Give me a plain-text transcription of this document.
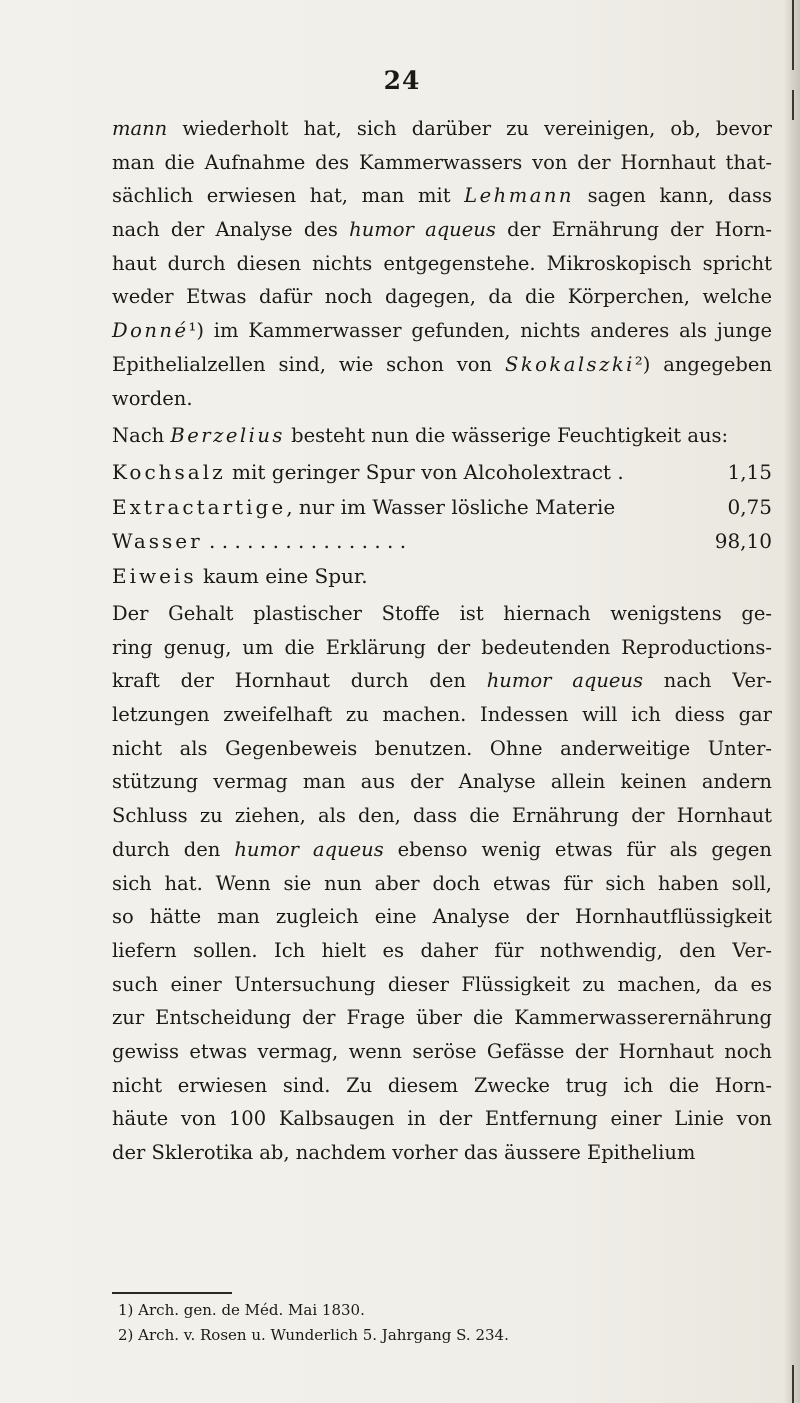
24
mann wiederholt hat, sich darüber zu vereinigen, ob, bevor
man die Aufnahme des Kammerwassers von der Hornhaut that-
sächlich erwiesen hat, man mit Lehmann sagen kann, dass
nach der Analyse des humor aqueus der Ernährung der Horn-
haut durch diesen nichts entgegenstehe. Mikroskopisch spricht
weder Etwas dafür noch dagegen, da die Körperchen, welche
Donné¹) im Kammerwasser gefunden, nichts anderes als junge
Epithelialzellen sind, wie schon von Skokalszki²) angegeben
worden.
Nach Berzelius besteht nun die wässerige Feuchtigkeit aus:
Kochsalz mit geringer Spur von Alcoholextract .	1,15
Extractartige, nur im Wasser lösliche Materie	0,75
Wasser . . . . . . . . . . . . . . . .	98,10
Eiweis kaum eine Spur.
Der Gehalt plastischer Stoffe ist hiernach wenigstens ge-
ring genug, um die Erklärung der bedeutenden Reproductions-
kraft der Hornhaut durch den humor aqueus nach Ver-
letzungen zweifelhaft zu machen. Indessen will ich diess gar
nicht als Gegenbeweis benutzen. Ohne anderweitige Unter-
stützung vermag man aus der Analyse allein keinen andern
Schluss zu ziehen, als den, dass die Ernährung der Hornhaut
durch den humor aqueus ebenso wenig etwas für als gegen
sich hat. Wenn sie nun aber doch etwas für sich haben soll,
so hätte man zugleich eine Analyse der Hornhautflüssigkeit
liefern sollen. Ich hielt es daher für nothwendig, den Ver-
such einer Untersuchung dieser Flüssigkeit zu machen, da es
zur Entscheidung der Frage über die Kammerwasserernährung
gewiss etwas vermag, wenn seröse Gefässe der Hornhaut noch
nicht erwiesen sind. Zu diesem Zwecke trug ich die Horn-
häute von 100 Kalbsaugen in der Entfernung einer Linie von
der Sklerotika ab, nachdem vorher das äussere Epithelium
1) Arch. gen. de Méd. Mai 1830.
2) Arch. v. Rosen u. Wunderlich 5. Jahrgang S. 234.
